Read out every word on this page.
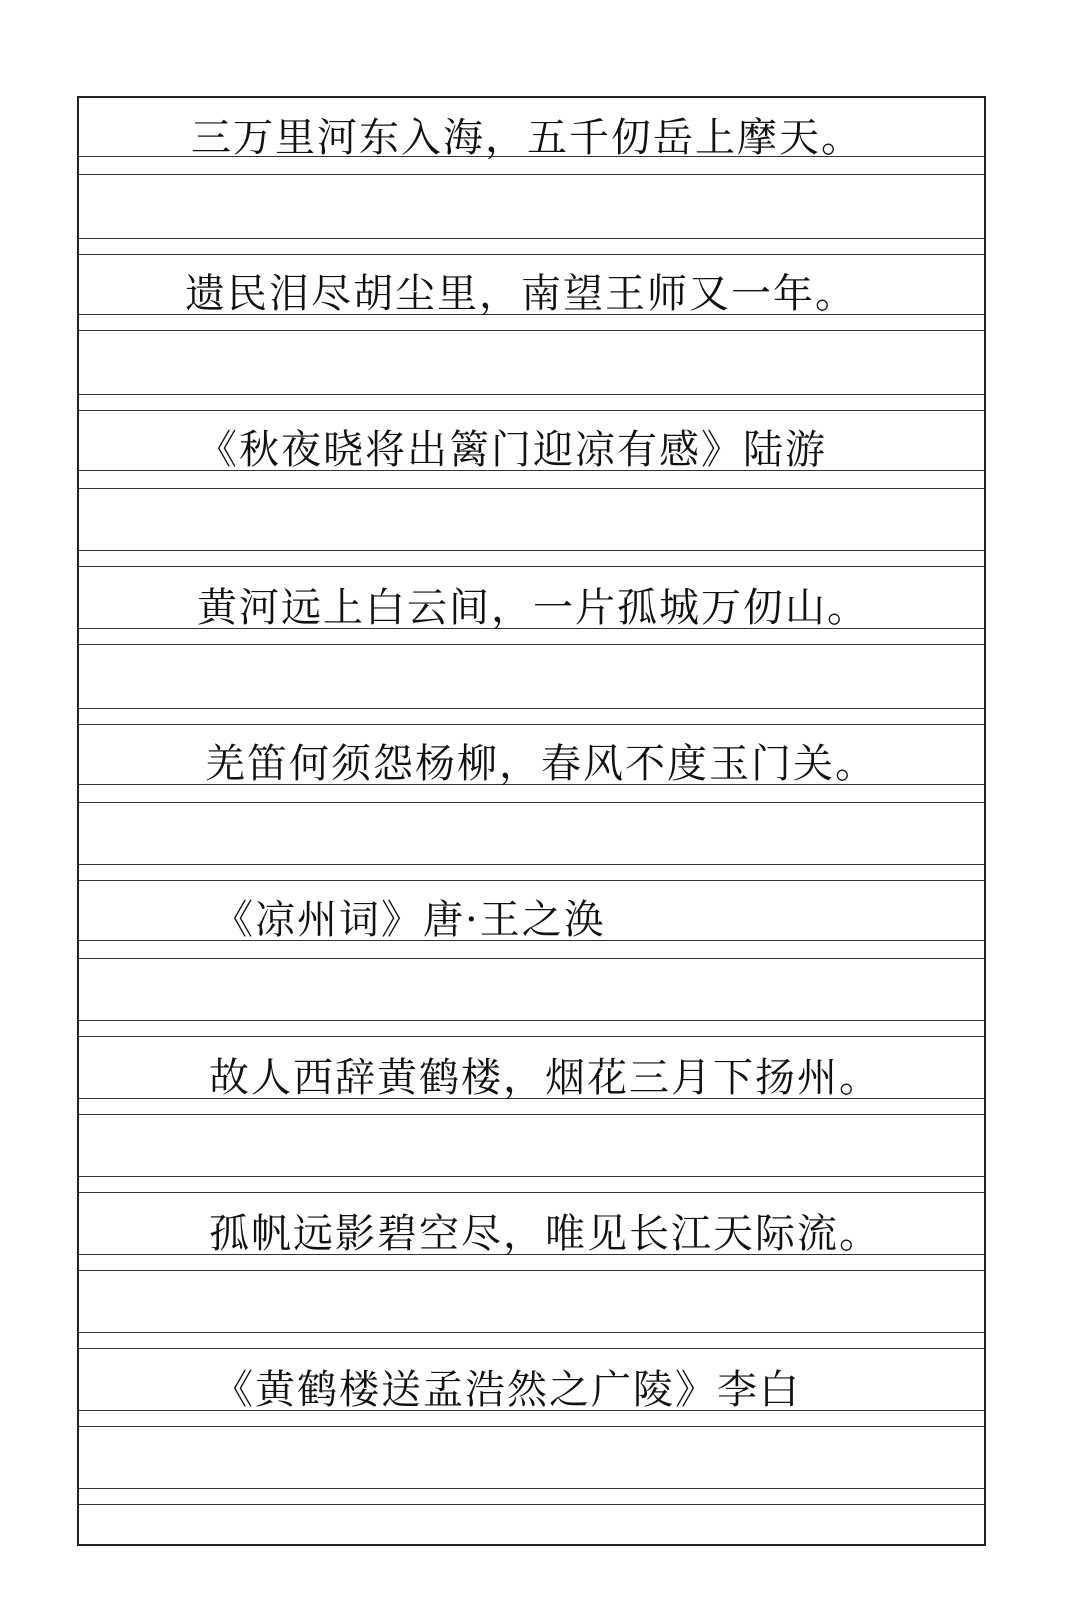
三万里河东入海，五千仞岳上摩天。
遗民泪尽胡尘里，南望王师又一年。
《秋夜晓将出篱门迎凉有感》陆游
黄河远上白云间，一片孤城万仞山。
羌笛何须怨杨柳，春风不度玉门关。
《凉州词》唐·王之涣
故人西辞黄鹤楼，烟花三月下扬州。
孤帆远影碧空尽，唯见长江天际流。
《黄鹤楼送孟浩然之广陵》李白
